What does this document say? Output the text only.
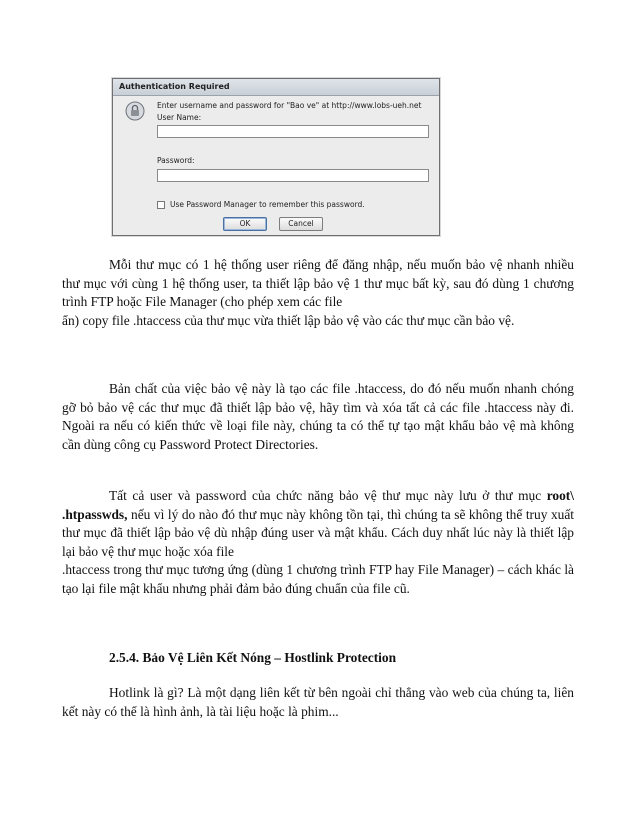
Authentication Required
Enter username and password for "Bao ve" at http://www.lobs-ueh.net
User Name:
Password:
Use Password Manager to remember this password.
OK	Cancel

Mỗi thư mục có 1 hệ thống user riêng để đăng nhập, nếu muốn bảo vệ nhanh nhiều thư mục với cùng 1 hệ thống user, ta thiết lập bảo vệ 1 thư mục bất kỳ, sau đó dùng 1 chương trình FTP hoặc File Manager (cho phép xem các file

ẩn) copy file .htaccess của thư mục vừa thiết lập bảo vệ vào các thư mục cần bảo vệ.

Bản chất của việc bảo vệ này là tạo các file .htaccess, do đó nếu muốn nhanh chóng gỡ bỏ bảo vệ các thư mục đã thiết lập bảo vệ, hãy tìm và xóa tất cả các file .htaccess này đi. Ngoài ra nếu có kiến thức về loại file này, chúng ta có thể tự tạo mật khẩu bảo vệ mà không cần dùng công cụ Password Protect Directories.

Tất cả user và password của chức năng bảo vệ thư mục này lưu ở thư mục root\ .htpasswds, nếu vì lý do nào đó thư mục này không tồn tại, thì chúng ta sẽ không thể truy xuất thư mục đã thiết lập bảo vệ dù nhập đúng user và mật khẩu. Cách duy nhất lúc này là thiết lập lại bảo vệ thư mục hoặc xóa file

.htaccess trong thư mục tương ứng (dùng 1 chương trình FTP hay File Manager) – cách khác là tạo lại file mật khẩu nhưng phải đảm bảo đúng chuẩn của file cũ.

2.5.4. Bảo Vệ Liên Kết Nóng – Hostlink Protection

Hotlink là gì? Là một dạng liên kết từ bên ngoài chỉ thẳng vào web của chúng ta, liên kết này có thể là hình ảnh, là tài liệu hoặc là phim...
